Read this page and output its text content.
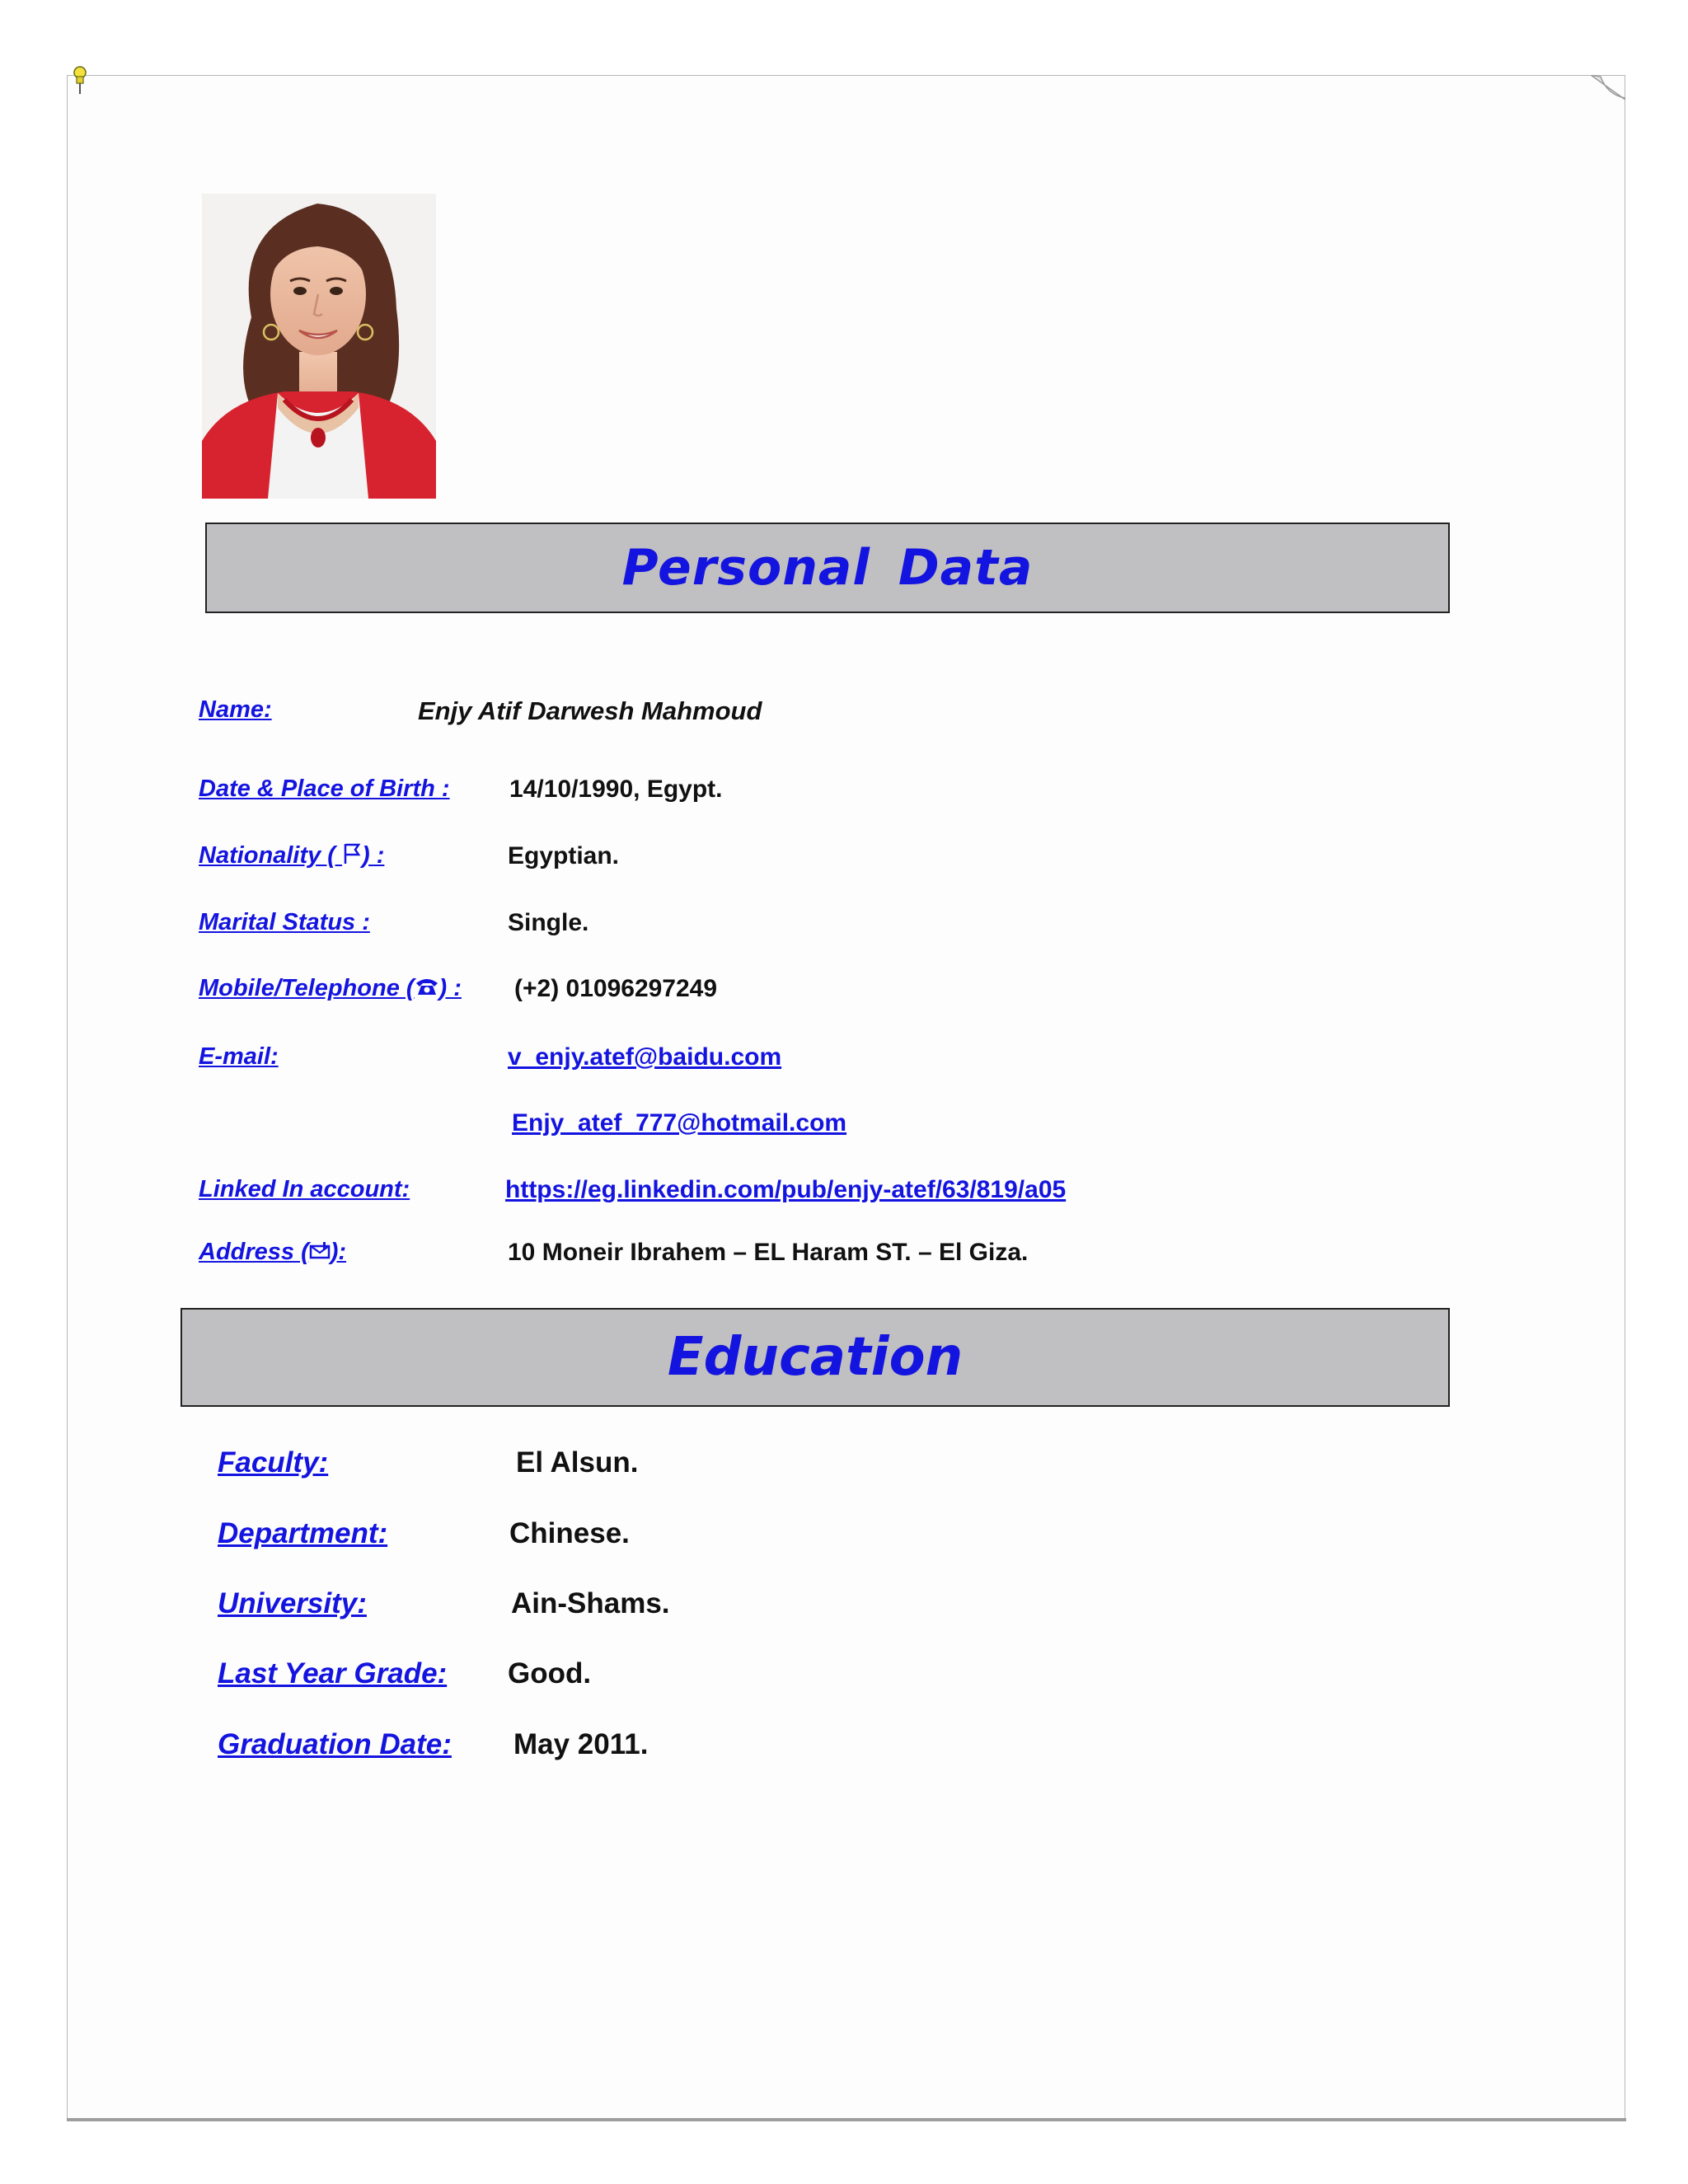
Personal Data
Name:	Enjy Atif Darwesh Mahmoud
Date & Place of Birth : 14/10/1990, Egypt.
Nationality ( ) :	Egyptian.
Marital Status :	Single.
Mobile/Telephone ( ) : (+2) 01096297249
E-mail:	v_enjy.atef@baidu.com
Enjy_atef_777@hotmail.com
Linked In account:	https://eg.linkedin.com/pub/enjy-atef/63/819/a05
Address ( ):	10 Moneir Ibrahem – EL Haram ST. – El Giza.
Education
Faculty:	El Alsun.
Department:	Chinese.
University:	Ain-Shams.
Last Year Grade: Good.
Graduation Date: May 2011.
